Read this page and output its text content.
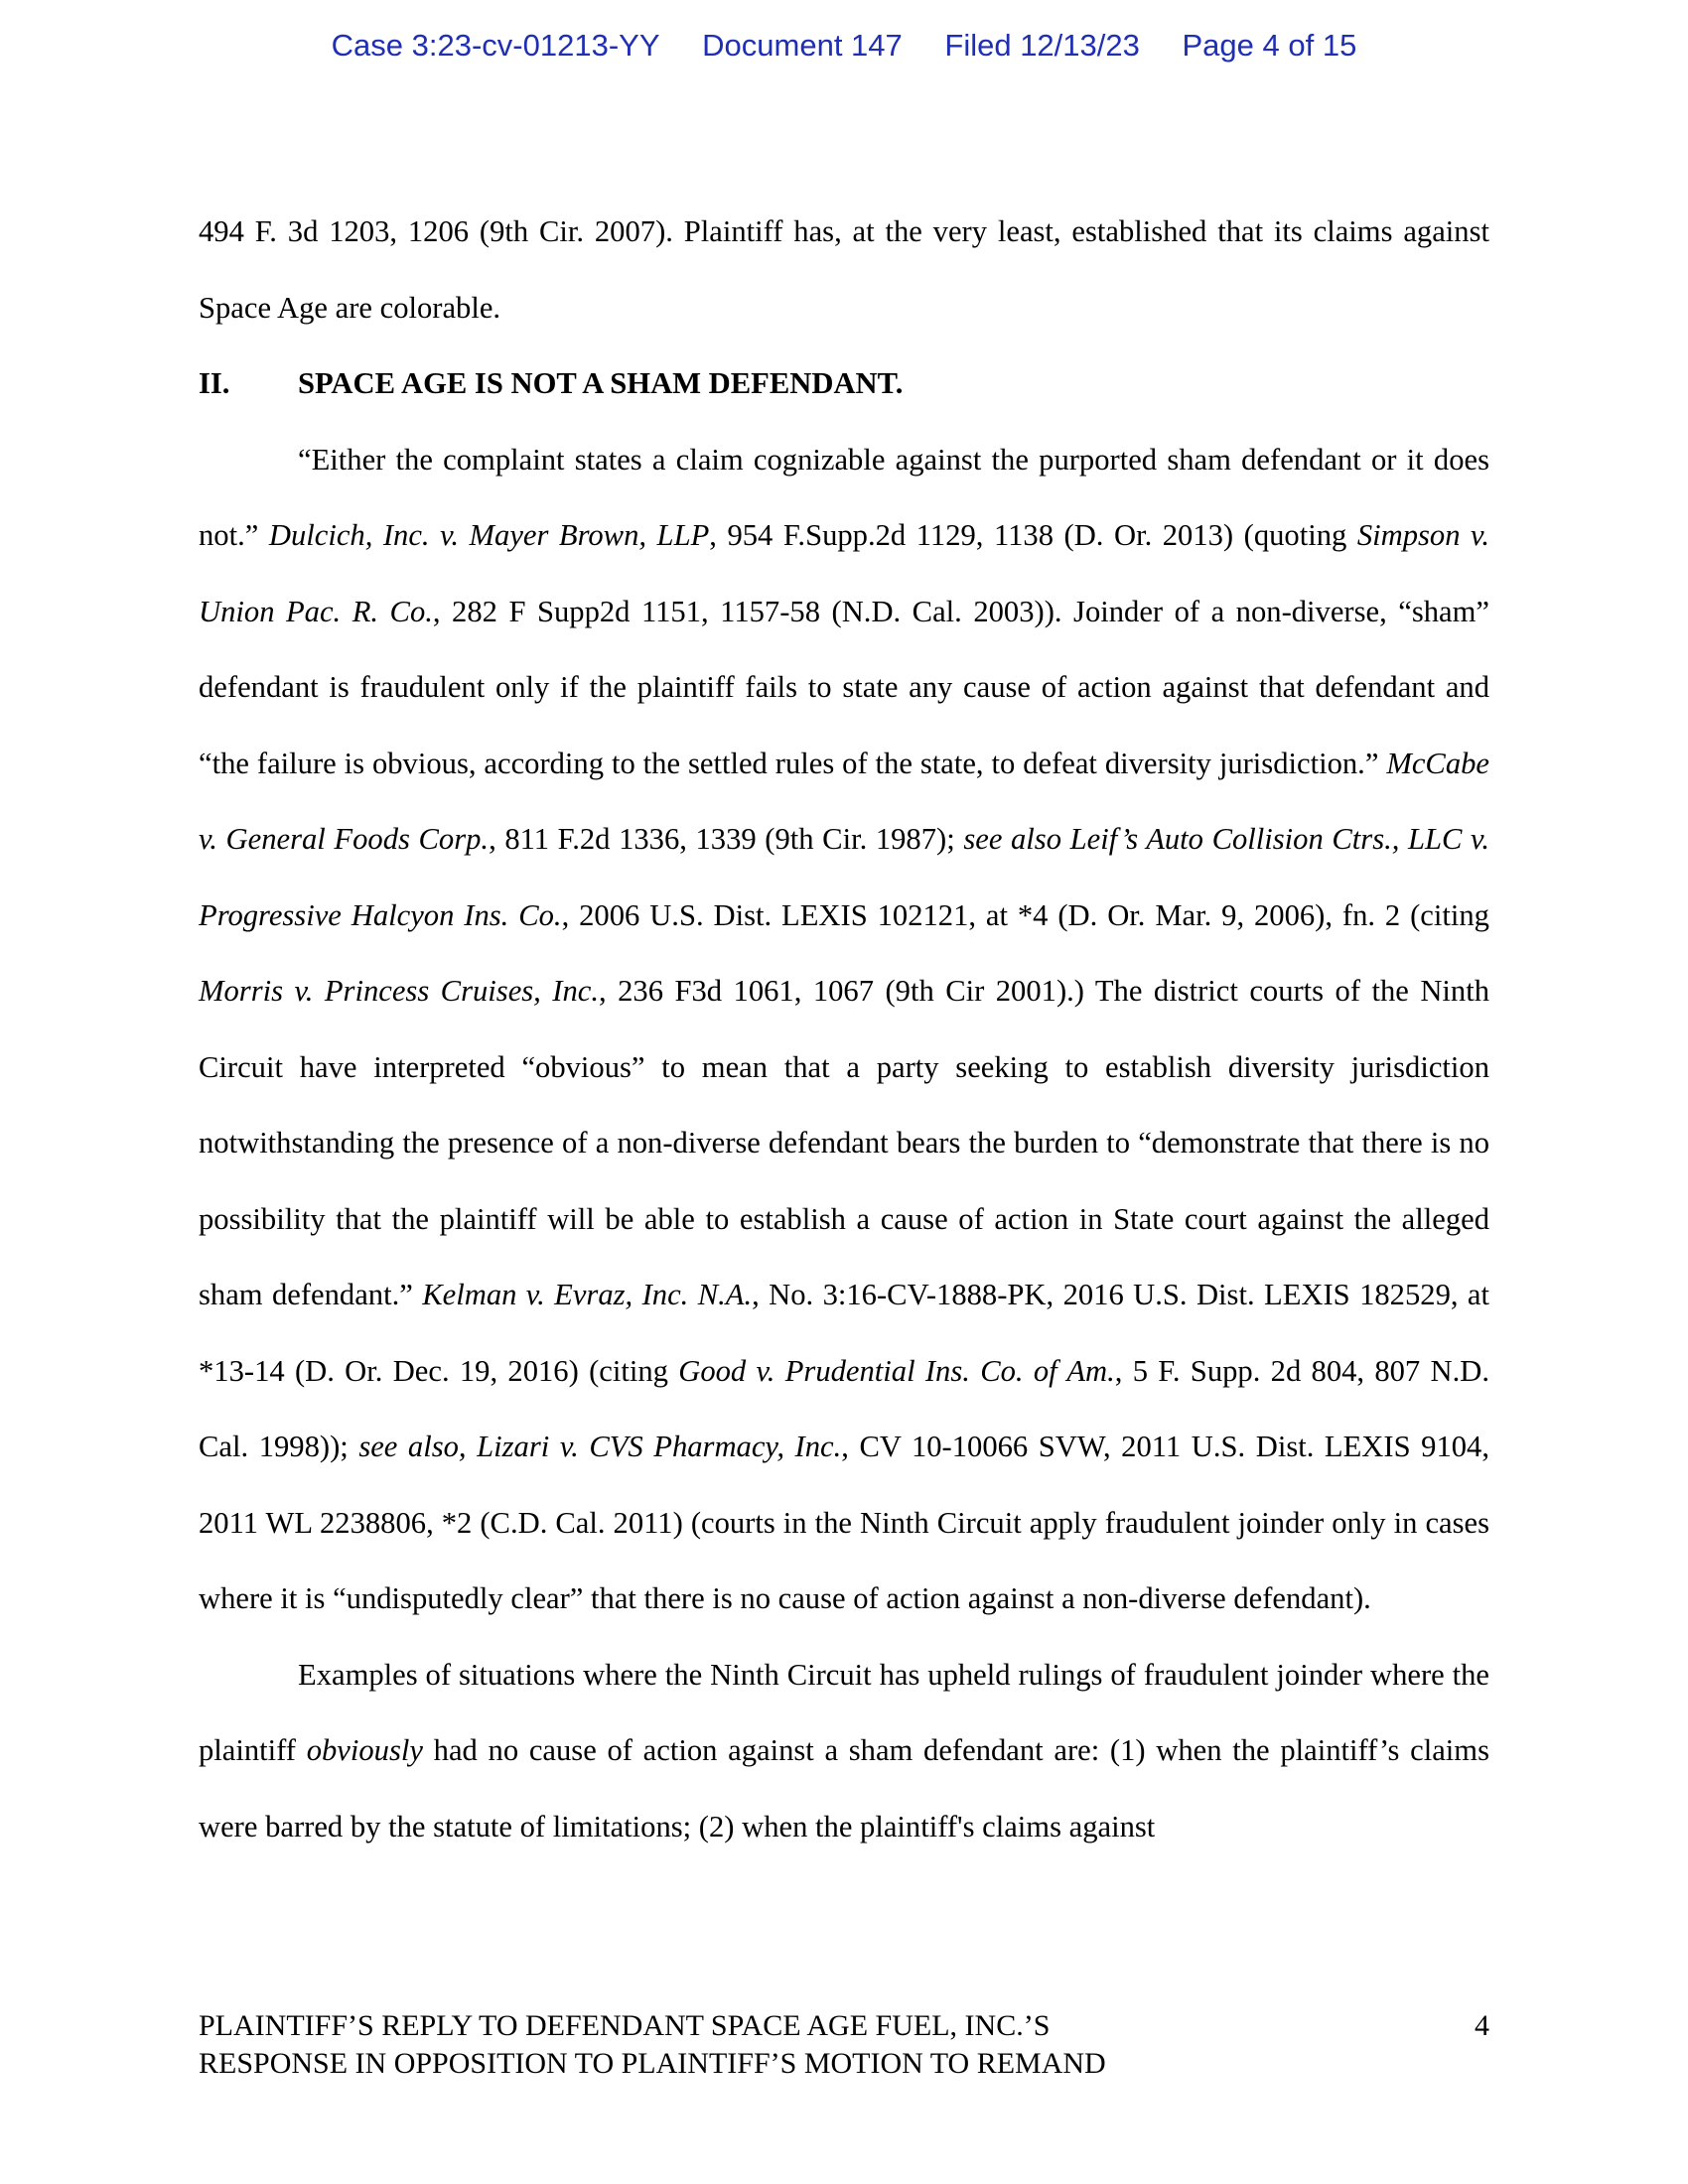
Case 3:23-cv-01213-YY Document 147 Filed 12/13/23 Page 4 of 15

494 F. 3d 1203, 1206 (9th Cir. 2007). Plaintiff has, at the very least, established that its claims against Space Age are colorable.

II.	SPACE AGE IS NOT A SHAM DEFENDANT.

“Either the complaint states a claim cognizable against the purported sham defendant or it does not.” Dulcich, Inc. v. Mayer Brown, LLP, 954 F.Supp.2d 1129, 1138 (D. Or. 2013) (quoting Simpson v. Union Pac. R. Co., 282 F Supp2d 1151, 1157-58 (N.D. Cal. 2003)). Joinder of a non-diverse, “sham” defendant is fraudulent only if the plaintiff fails to state any cause of action against that defendant and “the failure is obvious, according to the settled rules of the state, to defeat diversity jurisdiction.” McCabe v. General Foods Corp., 811 F.2d 1336, 1339 (9th Cir. 1987); see also Leif’s Auto Collision Ctrs., LLC v. Progressive Halcyon Ins. Co., 2006 U.S. Dist. LEXIS 102121, at *4 (D. Or. Mar. 9, 2006), fn. 2 (citing Morris v. Princess Cruises, Inc., 236 F3d 1061, 1067 (9th Cir 2001).) The district courts of the Ninth Circuit have interpreted “obvious” to mean that a party seeking to establish diversity jurisdiction notwithstanding the presence of a non-diverse defendant bears the burden to “demonstrate that there is no possibility that the plaintiff will be able to establish a cause of action in State court against the alleged sham defendant.” Kelman v. Evraz, Inc. N.A., No. 3:16-CV-1888-PK, 2016 U.S. Dist. LEXIS 182529, at *13-14 (D. Or. Dec. 19, 2016) (citing Good v. Prudential Ins. Co. of Am., 5 F. Supp. 2d 804, 807 N.D. Cal. 1998)); see also, Lizari v. CVS Pharmacy, Inc., CV 10-10066 SVW, 2011 U.S. Dist. LEXIS 9104, 2011 WL 2238806, *2 (C.D. Cal. 2011) (courts in the Ninth Circuit apply fraudulent joinder only in cases where it is “undisputedly clear” that there is no cause of action against a non-diverse defendant).

Examples of situations where the Ninth Circuit has upheld rulings of fraudulent joinder where the plaintiff obviously had no cause of action against a sham defendant are: (1) when the plaintiff’s claims were barred by the statute of limitations; (2) when the plaintiff's claims against

PLAINTIFF’S REPLY TO DEFENDANT SPACE AGE FUEL, INC.’S
RESPONSE IN OPPOSITION TO PLAINTIFF’S MOTION TO REMAND
4
